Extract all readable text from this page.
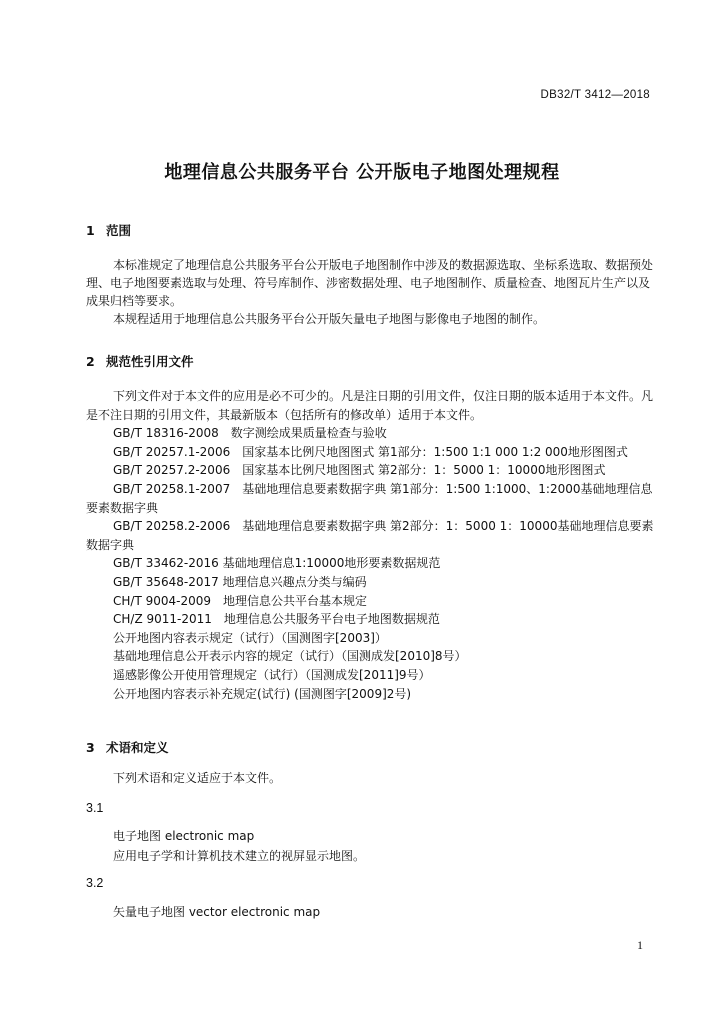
DB32/T 3412—2018
地理信息公共服务平台 公开版电子地图处理规程
1 范围
本标准规定了地理信息公共服务平台公开版电子地图制作中涉及的数据源选取、坐标系选取、数据预处理、电子地图要素选取与处理、符号库制作、涉密数据处理、电子地图制作、质量检查、地图瓦片生产以及成果归档等要求。
本规程适用于地理信息公共服务平台公开版矢量电子地图与影像电子地图的制作。
2 规范性引用文件

下列文件对于本文件的应用是必不可少的。凡是注日期的引用文件，仅注日期的版本适用于本文件。凡是不注日期的引用文件，其最新版本（包括所有的修改单）适用于本文件。

GB/T 18316-2008　数字测绘成果质量检查与验收

GB/T 20257.1-2006　国家基本比例尺地图图式 第1部分：1:500 1:1 000 1:2 000地形图图式

GB/T 20257.2-2006　国家基本比例尺地图图式 第2部分：1：5000 1：10000地形图图式

GB/T 20258.1-2007　基础地理信息要素数据字典 第1部分：1:500 1:1000、1:2000基础地理信息要素数据字典

GB/T 20258.2-2006　基础地理信息要素数据字典 第2部分：1：5000 1：10000基础地理信息要素数据字典

GB/T 33462-2016 基础地理信息1:10000地形要素数据规范

GB/T 35648-2017 地理信息兴趣点分类与编码

CH/T 9004-2009　地理信息公共平台基本规定

CH/Z 9011-2011　地理信息公共服务平台电子地图数据规范

公开地图内容表示规定（试行）（国测图字[2003]）

基础地理信息公开表示内容的规定（试行）（国测成发[2010]8号）

遥感影像公开使用管理规定（试行）（国测成发[2011]9号）

公开地图内容表示补充规定(试行) (国测图字[2009]2号)

3 术语和定义
下列术语和定义适应于本文件。
3.1
电子地图 electronic map
应用电子学和计算机技术建立的视屏显示地图。
3.2
矢量电子地图 vector electronic map
1
